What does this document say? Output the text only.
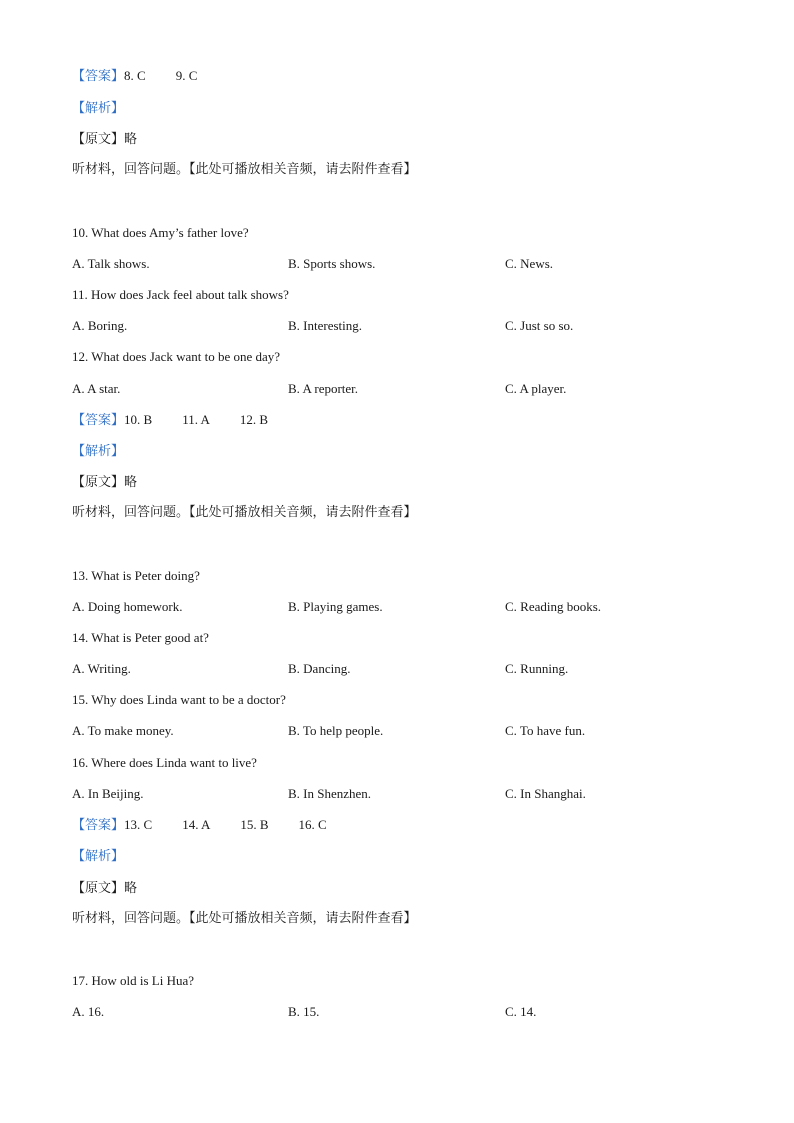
【答案】8. C 9. C
【解析】
【原文】略
听材料，回答问题。【此处可播放相关音频，请去附件查看】
10. What does Amy’s father love?
A. Talk shows.	B. Sports shows.	C. News.
11. How does Jack feel about talk shows?
A. Boring.	B. Interesting.	C. Just so so.
12. What does Jack want to be one day?
A. A star.	B. A reporter.	C. A player.
【答案】10. B 11. A 12. B
【解析】
【原文】略
听材料，回答问题。【此处可播放相关音频，请去附件查看】
13. What is Peter doing?
A. Doing homework.	B. Playing games.	C. Reading books.
14. What is Peter good at?
A. Writing.	B. Dancing.	C. Running.
15. Why does Linda want to be a doctor?
A. To make money.	B. To help people.	C. To have fun.
16. Where does Linda want to live?
A. In Beijing.	B. In Shenzhen.	C. In Shanghai.
【答案】13. C 14. A 15. B 16. C
【解析】
【原文】略
听材料，回答问题。【此处可播放相关音频，请去附件查看】
17. How old is Li Hua?
A. 16.	B. 15.	C. 14.
